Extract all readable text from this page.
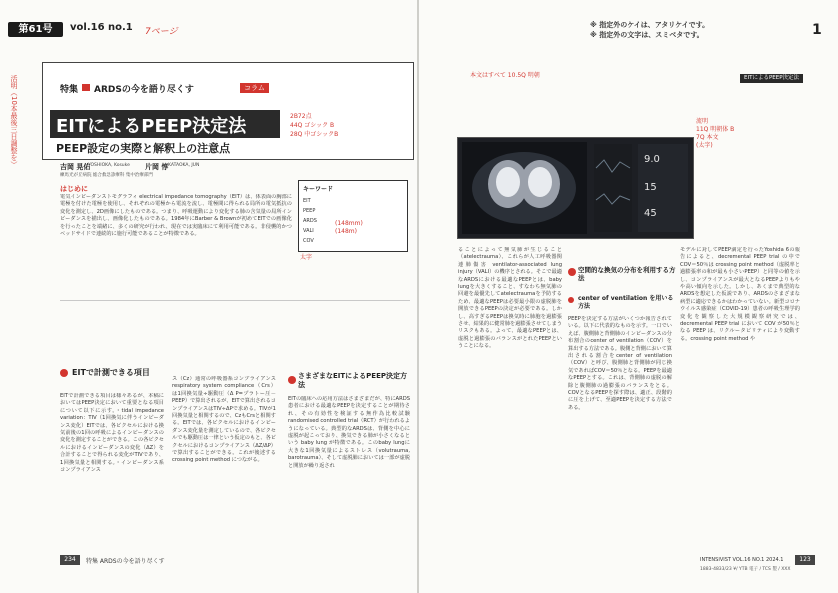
第61号	vol.16 no.1 7ページ
※ 指定外のケイは、アタリケイです。
※ 指定外の文字は、スミベタです。	1
活明（10本最後三日調整を）	特集 ARDSの今を語り尽くす	コラム
EITによるPEEP決定法
PEEP設定の実際と解釈上の注意点
2B72点
44Q ゴシック B
28Q 中ゴシックB
吉岡 晃佑
YOSHIOKA, Kosuke 片岡 惇 KATAOKA, JUN
練馬光が丘病院 総合救急診療科 集中治療部門
キーワード
EIT
PEEP
ARDS
VALI
COV
(148mm)
(148m)
はじめに
電気インピーダンストモグラフィ electrical impedance tomography（EIT）は、体表面の胸部に電極を付けた電極を使用し、それぞれの電極から電流を流し、電極間に得られる局所の電気抵抗の変化を測定し、2D画像にしたものである。つまり、呼吸運動により変化する肺の含気量の局所インピーダンスを描出し、画像化したものである。1984年にBarber & Brownが初めてEITでの画像化を行ったことを端緒に、多くの研究が行われ、現在では実臨床にて利用可能である。非侵襲的かつベッドサイドで連続的に施行可能であることが特徴である。
EITで計測できる項目
EITで計測できる項目は様々あるが、本稿においてはPEEP決定において重要となる項目について以下に示す。・tidal impedance variation：TIV（1回換気に伴うインピーダンス変化）EITでは、各ピクセルにおける換気前後の1回の呼吸によるインピーダンスの変化を測定することができる。この各ピクセルにおけるインピーダンスの変化（ΔZ）を合計することで得られる変化がTIVであり、1回換気量と相関する。・インピーダンス系コンプライアンス
ス（Cz）通常の呼吸器系コンプライアンス respiratory system compliance（Crs）は1回換気量÷駆動圧（Δ P=プラトー圧－PEEP）で算出されるが、EITで算出されるコンプライアンスはTIV÷ΔPで求める。TIVが1回換気量と相関するので、CzもCrsと相関する。EITでは、各ピクセルにおけるインピーダンス変化量を測定しているので、各ピクセルでも駆動圧は一律という仮定のもと、各ピクセルにおけるコンプライアンス（ΔZ/ΔP）で算出することができる。これが後述する crossing point method につながる。
さまざまなEITによるPEEP決定方法
EITの臨床への応用方法はさまざまだが、特にARDS患者における最適なPEEPを決定することが期待され、その有効性を検証する無作為比較試験 randomised controlled trial（RCT）が行われるようになっている。典型的なARDSは、背側を中心に虚脱が起こっており、換気できる肺が小さくなるという baby lung が特徴である。このbaby lungに大きな1回換気量によるストレス（volutrauma, barotrauma）、そして虚脱肺においては一部が虚脱と開放が繰り返され
234	特集 ARDSの今を語り尽くす
EITによるPEEP決定法
9.0
15
45
流明
11Q 明朝体 B
7Q 本文
(太字)
ることによって無気肺が生じること（atelectrauma）、これらが人工呼吸器関連肺傷害 ventilator-associated lung injury（VALI）の機序とされる。そこで最適なARDSにおける最適なPEEPとは、baby lungを大きくすること、すなわち無気肺の回避を最優先してatelectraumaを予防するため、最適なPEEPは必要最小限の虚脱肺を開放できるPEEPの決定が必要である。しかし、高すぎるPEEPは換気時に肺胞を過膨張させ、結果的に健常肺を過膨張させてしまうリスクもある。よって、最適なPEEPとは、虚脱と過膨張のバランスがとれたPEEPということになる。
空間的な換気の分布を利用する方法
center of ventilation を用いる方法
PEEPを決定する方法がいくつか報告されている。以下に代表的なものを示す。一口でいえば、腹側肺と背側肺のインピーダンスの分布割合のcenter of ventilation（COV）を算出する方法である。腹側と背側において算出される割合をcenter of ventilation（COV）と呼び、腹側肺と背側肺が同じ換気であればCOV＝50％となる。PEEPを最適なPEEPとする。これは、背側肺の虚脱の解除と腹側肺の過膨張のバランスをとる。COVとなるPEEPを探す際は、適正、段階的に圧を上げて、至適PEEPを決定する方法である。
モデルに対してPEEP滴定を行ったYoshida 6の報告によると、decremental PEEP trial の中で COV＝50％は crossing point method（虚脱率と過膨張率の和が最も小さいPEEP）と同等の値を示し、コンプライアンスが最大となるPEEPよりもやや高い傾向を示した。しかし、あくまで典型的なARDSを想定した仮説であり、ARDSのさまざまな病型に適応できるかはわかっていない。新型コロナウイルス感染症（COVID-19）患者の呼吸生理学的変化を観察した大規模観察研究では、decremental PEEP trial において COV が50％となる PEEP は、リクルータビリティにより変動する。crossing point method や
INTENSIVIST VOL.16 NO.1 2024.1	123
1883-4833/23 ¥/ YTB 電子 / TCS 製 / XXX
太字
本文はすべて 10.5Q 明朝
